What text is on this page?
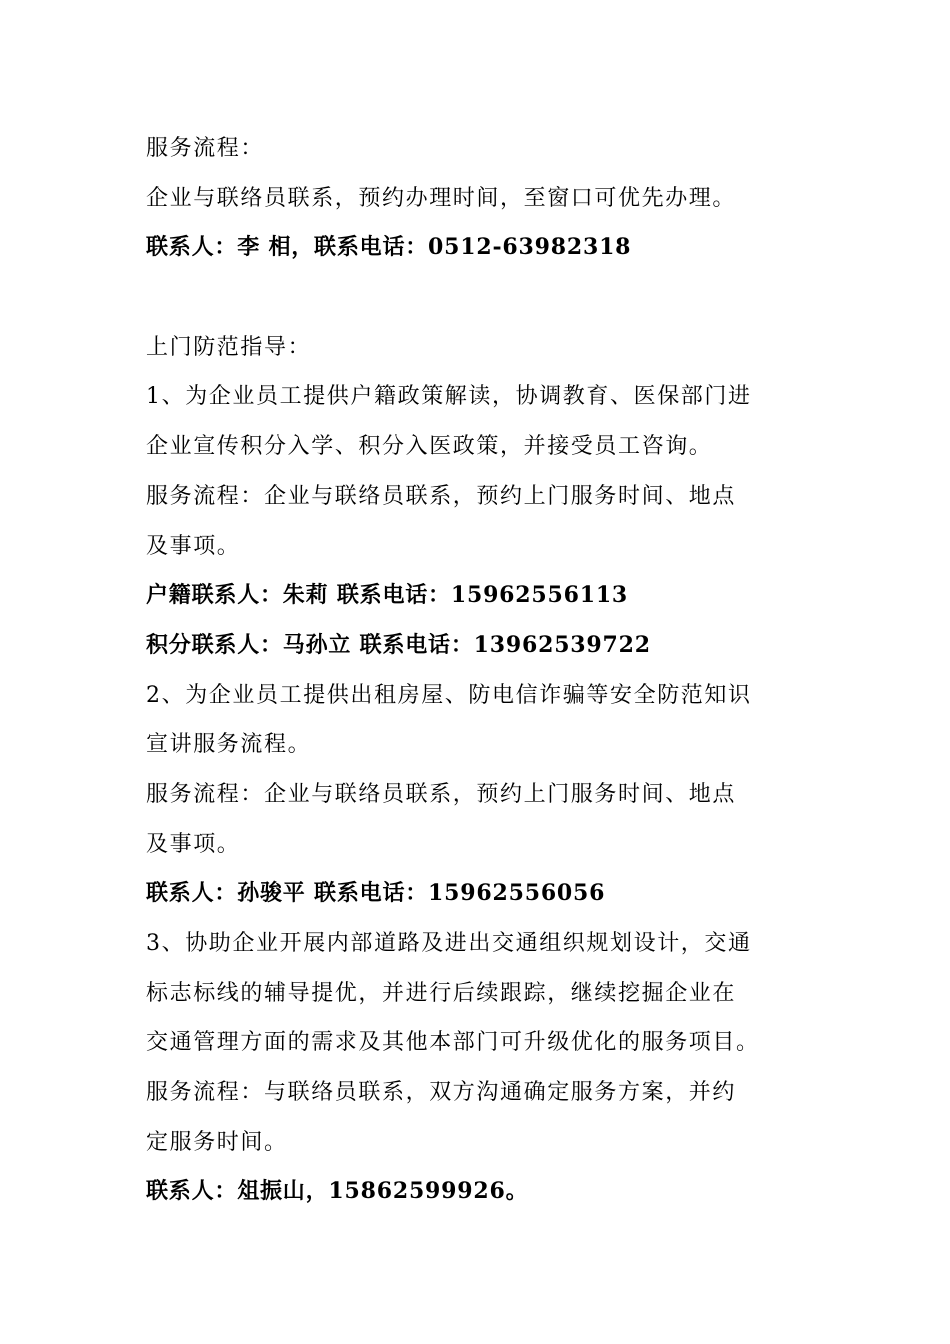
服务流程：
企业与联络员联系，预约办理时间，至窗口可优先办理。
联系人：李 相，联系电话：0512-63982318
上门防范指导：
1、为企业员工提供户籍政策解读，协调教育、医保部门进
企业宣传积分入学、积分入医政策，并接受员工咨询。
服务流程：企业与联络员联系，预约上门服务时间、地点
及事项。
户籍联系人：朱莉 联系电话：15962556113
积分联系人：马孙立 联系电话：13962539722
2、为企业员工提供出租房屋、防电信诈骗等安全防范知识
宣讲服务流程。
服务流程：企业与联络员联系，预约上门服务时间、地点
及事项。
联系人：孙骏平 联系电话：15962556056
3、协助企业开展内部道路及进出交通组织规划设计，交通
标志标线的辅导提优，并进行后续跟踪，继续挖掘企业在
交通管理方面的需求及其他本部门可升级优化的服务项目。
服务流程：与联络员联系，双方沟通确定服务方案，并约
定服务时间。
联系人：俎振山，15862599926。
